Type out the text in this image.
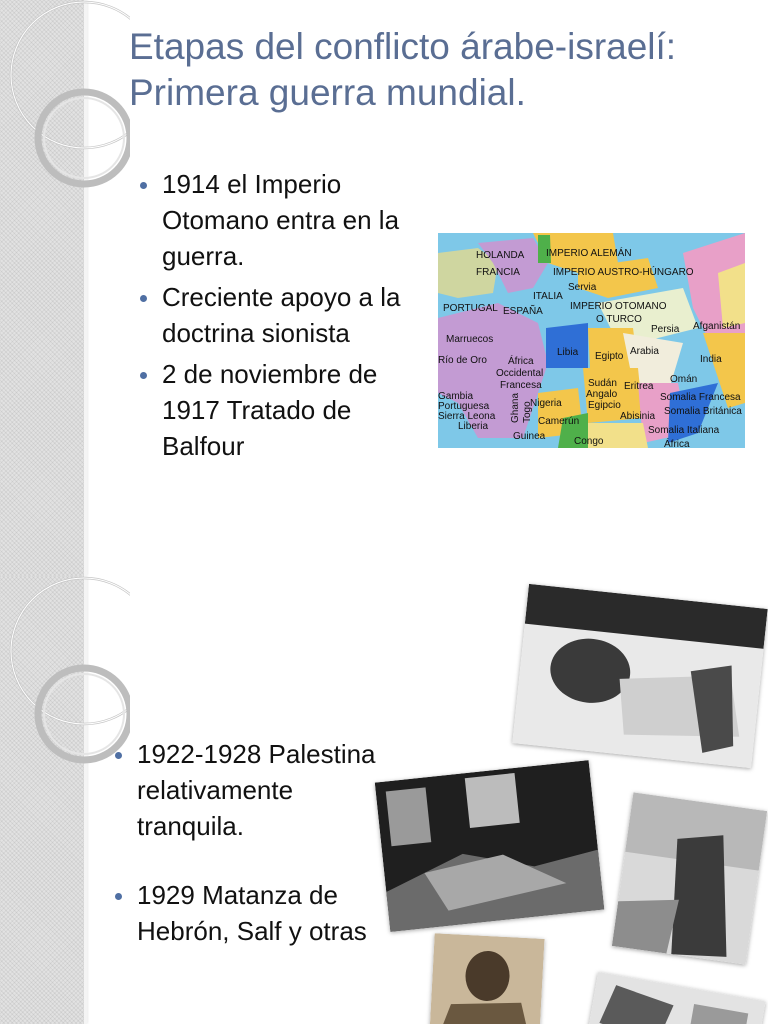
Etapas del conflicto árabe-israelí: Primera guerra mundial.
1914 el Imperio Otomano entra en la guerra.
Creciente apoyo a la doctrina sionista
2 de noviembre de 1917 Tratado de Balfour
HOLANDA IMPERIO ALEMÁN
FRANCIA	IMPERIO AUSTRO-HÚNGARO
Servia
ITALIA
PORTUGAL ESPAÑA	IMPERIO OTOMANO
O TURCO
Persia Afganistán
Marruecos
Libia Egipto Arabia
India
Río de Oro África
Occidental
Francesa	Sudán
Angalo
Egipcio
Eritrea
Omán
Gambia
Portuguesa
Sierra Leona
Liberia
Ghana Togo
Nigeria
Camerún
Guinea
Abisinia
Somalia Francesa
Somalia Británica
Somalia Italiana
Congo	África
1922-1928 Palestina relativamente tranquila.
1929 Matanza de Hebrón, Salf y otras
